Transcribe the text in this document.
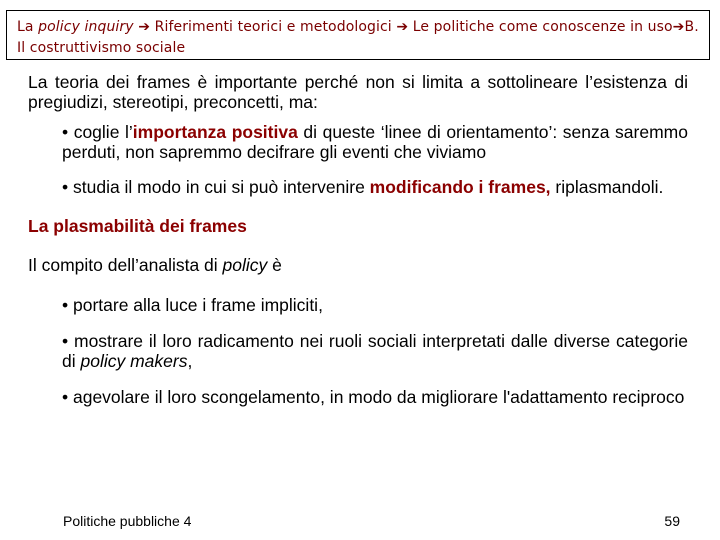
La policy inquiry ➔ Riferimenti teorici e metodologici ➔ Le politiche come conoscenze in uso➔B. Il costruttivismo sociale

La teoria dei frames è importante perché non si limita a sottolineare l’esistenza di pregiudizi, stereotipi, preconcetti, ma:

• coglie l’importanza positiva di queste ‘linee di orientamento’: senza saremmo perduti, non sapremmo decifrare gli eventi che viviamo

• studia il modo in cui si può intervenire modificando i frames, riplasmandoli.

La plasmabilità dei frames

Il compito dell’analista di policy è

• portare alla luce i frame impliciti,

• mostrare il loro radicamento nei ruoli sociali interpretati dalle diverse categorie di policy makers,

• agevolare il loro scongelamento, in modo da migliorare l'adattamento reciproco

Politiche pubbliche 4	59
